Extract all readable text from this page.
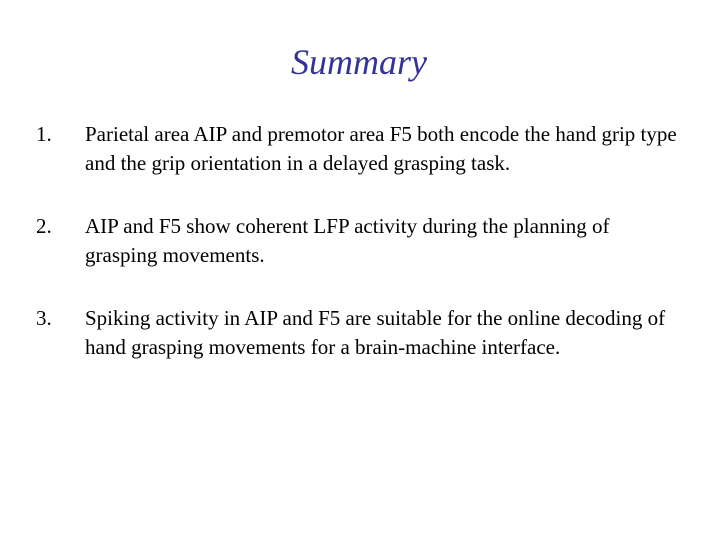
Summary
1.	Parietal area AIP and premotor area F5 both encode the hand grip type and the grip orientation in a delayed grasping task.
2.	AIP and F5 show coherent LFP activity during the planning of grasping movements.
3.	Spiking activity in AIP and F5 are suitable for the online decoding of hand grasping movements for a brain-machine interface.
